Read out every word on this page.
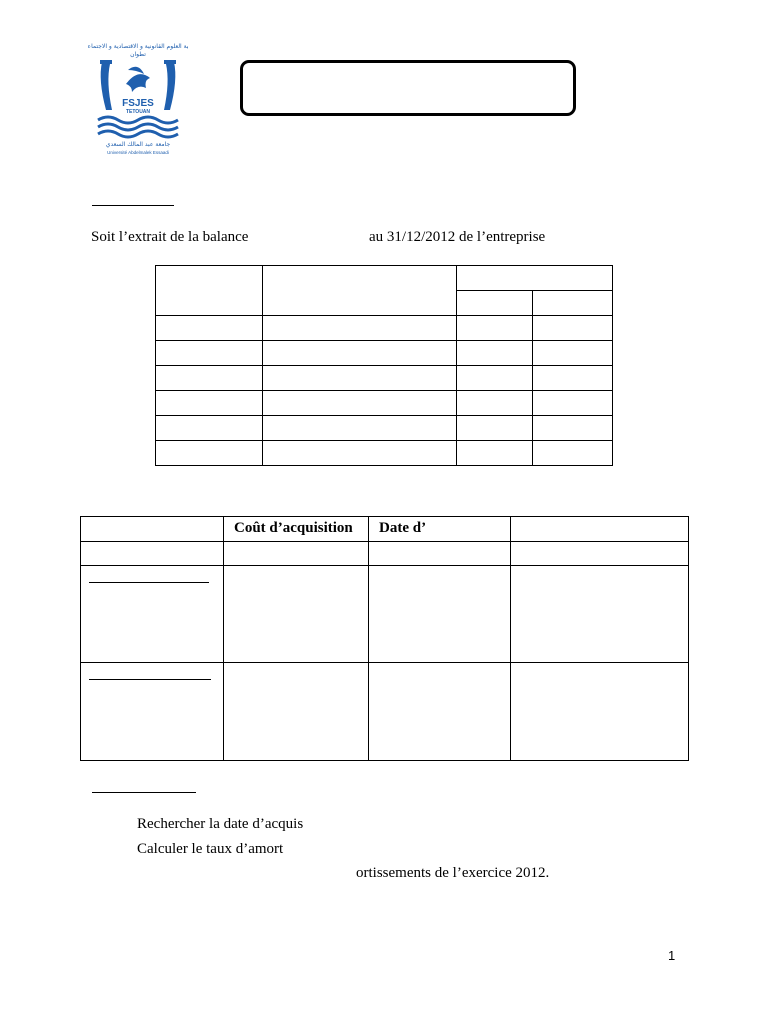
كلية العلوم القانونية و الاقتصادية و الاجتماعية
تطوان
FSJES
TETOUAN
جامعة عبد المالك السعدي
Université Abdelmalek Essaadi
Soit l’extrait de la balance	au 31/12/2012 de l’entreprise

	Coût d’acquisition	Date d’	

Rechercher la date d’acquis
Calculer le taux d’amort
ortissements de l’exercice 2012.
1
